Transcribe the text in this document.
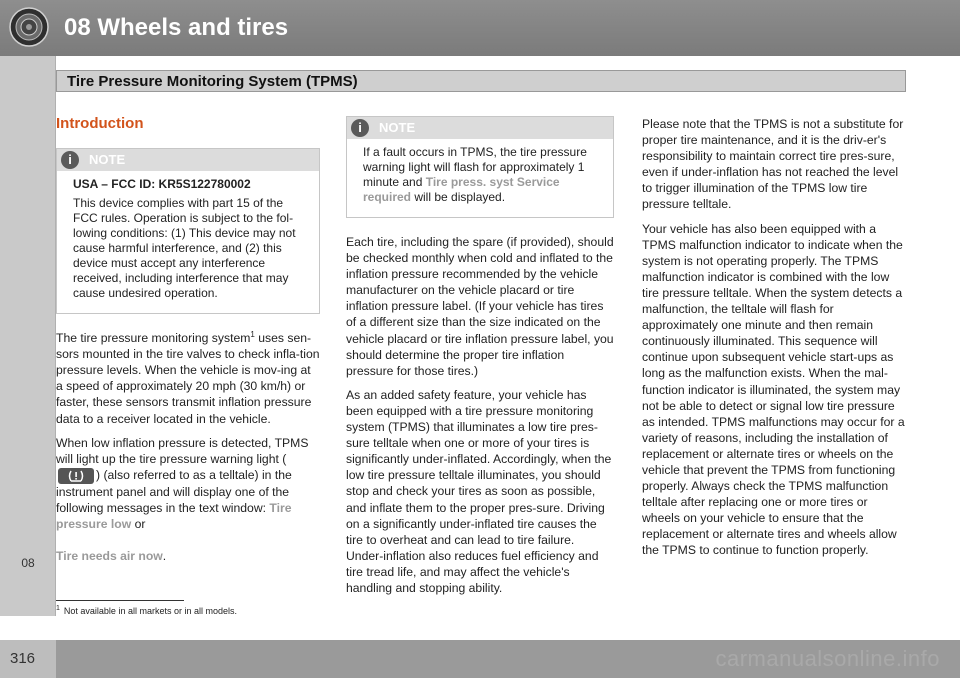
08 Wheels and tires
08
Tire Pressure Monitoring System (TPMS)
Introduction
i	NOTE

USA – FCC ID: KR5S122780002

This device complies with part 15 of the FCC rules. Operation is subject to the fol-lowing conditions: (1) This device may not cause harmful interference, and (2) this device must accept any interference received, including interference that may cause undesired operation.

The tire pressure monitoring system$^1$ uses sen-sors mounted in the tire valves to check infla-tion pressure levels. When the vehicle is mov-ing at a speed of approximately 20 mph (30 km/h) or faster, these sensors transmit inflation pressure data to a receiver located in the vehicle.

When low inflation pressure is detected, TPMS will light up the tire pressure warning light (
) (also referred to as a telltale) in the instrument panel and will display one of the following messages in the text window: Tire pressure low or

Tire needs air now.

i	NOTE

If a fault occurs in TPMS, the tire pressure warning light will flash for approximately 1 minute and Tire press. syst Service required will be displayed.

Each tire, including the spare (if provided), should be checked monthly when cold and inflated to the inflation pressure recommended by the vehicle manufacturer on the vehicle placard or tire inflation pressure label. (If your vehicle has tires of a different size than the size indicated on the vehicle placard or tire inflation pressure label, you should determine the proper tire inflation pressure for those tires.)

As an added safety feature, your vehicle has been equipped with a tire pressure monitoring system (TPMS) that illuminates a low tire pres-sure telltale when one or more of your tires is significantly under-inflated. Accordingly, when the low tire pressure telltale illuminates, you should stop and check your tires as soon as possible, and inflate them to the proper pres-sure. Driving on a significantly under-inflated tire causes the tire to overheat and can lead to tire failure. Under-inflation also reduces fuel efficiency and tire tread life, and may affect the vehicle's handling and stopping ability.

Please note that the TPMS is not a substitute for proper tire maintenance, and it is the driv-er's responsibility to maintain correct tire pres-sure, even if under-inflation has not reached the level to trigger illumination of the TPMS low tire pressure telltale.

Your vehicle has also been equipped with a TPMS malfunction indicator to indicate when the system is not operating properly. The TPMS malfunction indicator is combined with the low tire pressure telltale. When the system detects a malfunction, the telltale will flash for approximately one minute and then remain continuously illuminated. This sequence will continue upon subsequent vehicle start-ups as long as the malfunction exists. When the mal-function indicator is illuminated, the system may not be able to detect or signal low tire pressure as intended. TPMS malfunctions may occur for a variety of reasons, including the installation of replacement or alternate tires or wheels on the vehicle that prevent the TPMS from functioning properly. Always check the TPMS malfunction telltale after replacing one or more tires or wheels on your vehicle to ensure that the replacement or alternate tires and wheels allow the TPMS to continue to function properly.

$^1$ Not available in all markets or in all models.
316	carmanualsonline.info
